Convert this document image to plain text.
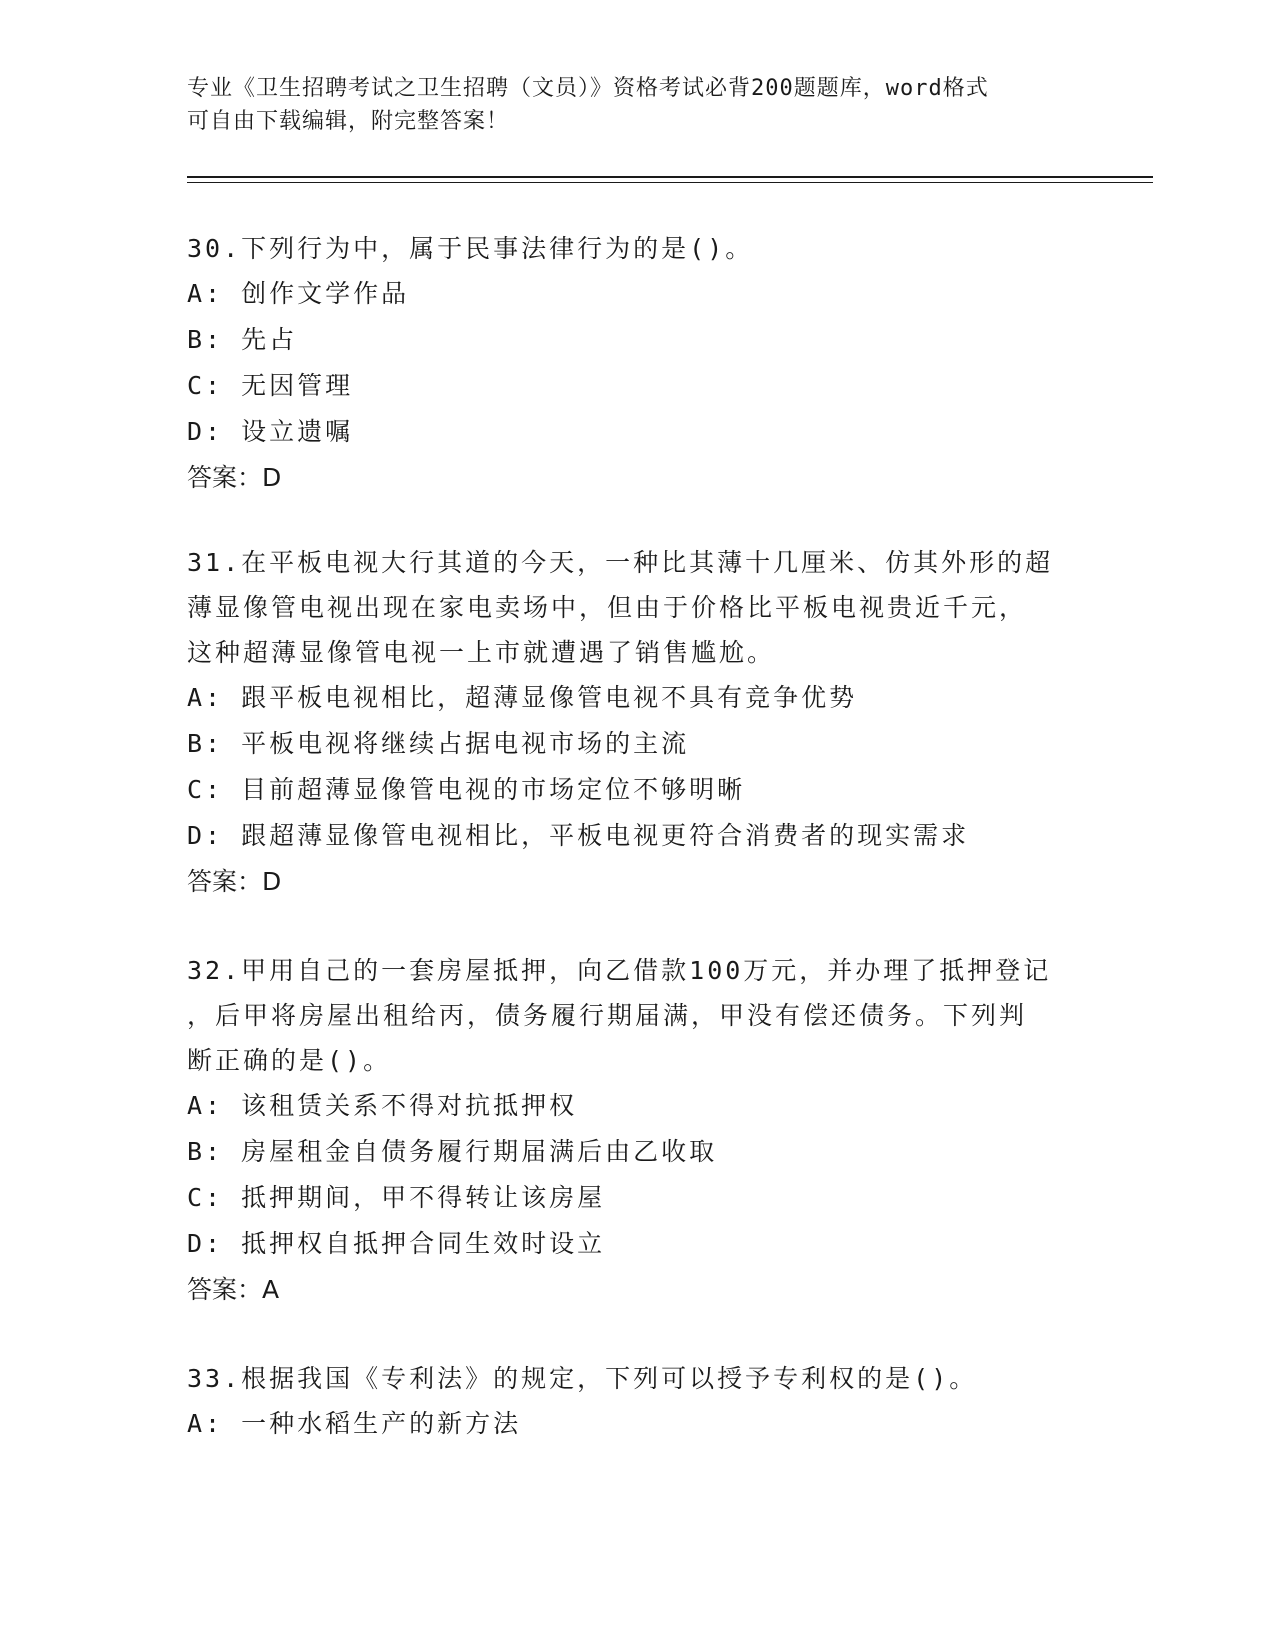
专业《卫生招聘考试之卫生招聘（文员）》资格考试必背200题题库，word格式
可自由下载编辑，附完整答案！
30.下列行为中，属于民事法律行为的是()。
A: 创作文学作品
B: 先占
C: 无因管理
D: 设立遗嘱
答案：D
31.在平板电视大行其道的今天，一种比其薄十几厘米、仿其外形的超
薄显像管电视出现在家电卖场中，但由于价格比平板电视贵近千元，
这种超薄显像管电视一上市就遭遇了销售尴尬。
A: 跟平板电视相比，超薄显像管电视不具有竞争优势
B: 平板电视将继续占据电视市场的主流
C: 目前超薄显像管电视的市场定位不够明晰
D: 跟超薄显像管电视相比，平板电视更符合消费者的现实需求
答案：D
32.甲用自己的一套房屋抵押，向乙借款100万元，并办理了抵押登记
，后甲将房屋出租给丙，债务履行期届满，甲没有偿还债务。下列判
断正确的是()。
A: 该租赁关系不得对抗抵押权
B: 房屋租金自债务履行期届满后由乙收取
C: 抵押期间，甲不得转让该房屋
D: 抵押权自抵押合同生效时设立
答案：A
33.根据我国《专利法》的规定，下列可以授予专利权的是()。
A: 一种水稻生产的新方法
